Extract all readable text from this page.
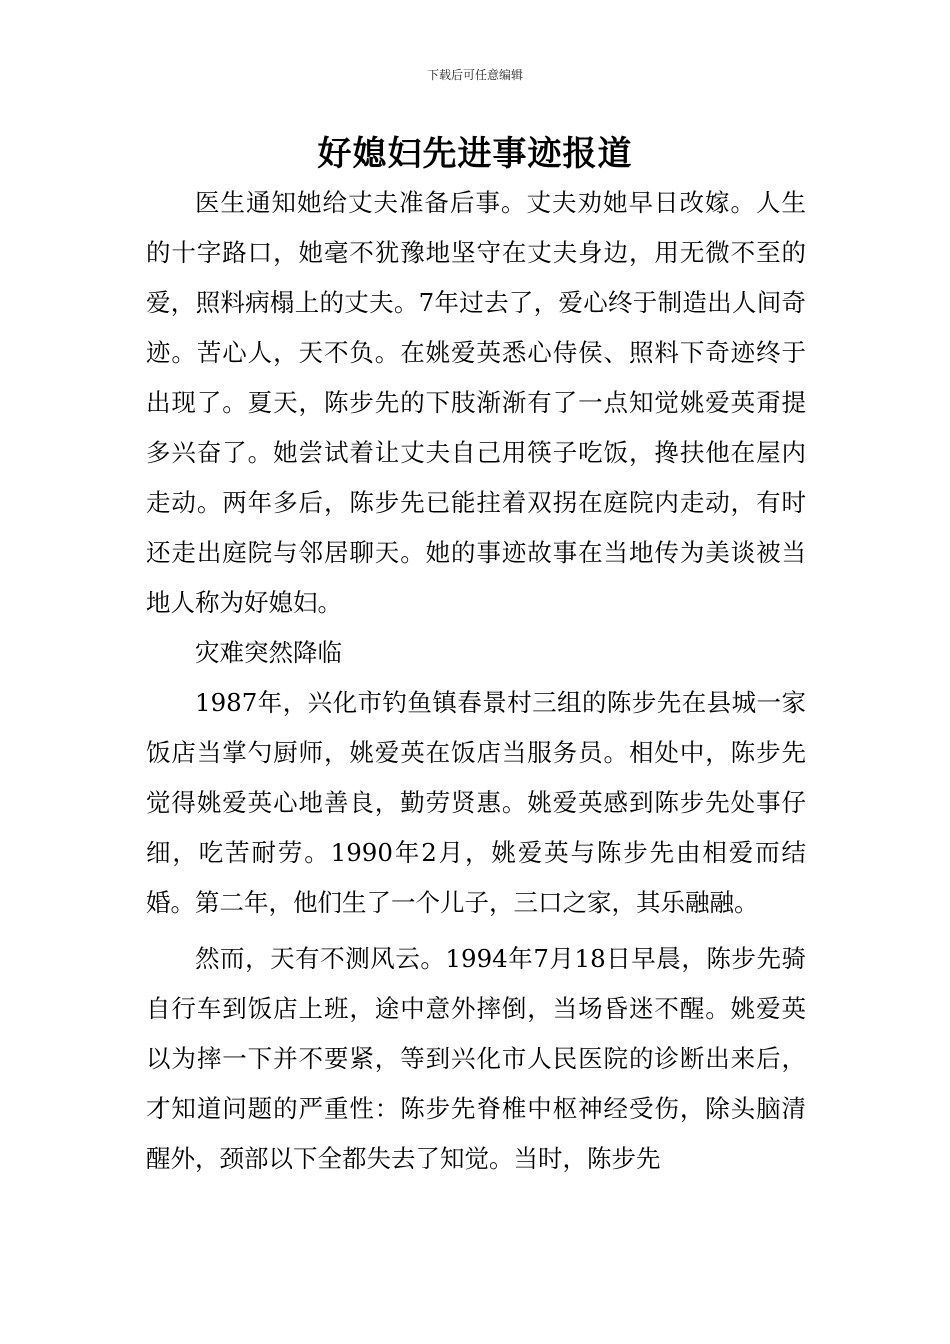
下载后可任意编辑
好媳妇先进事迹报道

医生通知她给丈夫准备后事。丈夫劝她早日改嫁。人生的十字路口，她毫不犹豫地坚守在丈夫身边，用无微不至的爱，照料病榻上的丈夫。7年过去了，爱心终于制造出人间奇迹。苦心人，天不负。在姚爱英悉心侍侯、照料下奇迹终于出现了。夏天，陈步先的下肢渐渐有了一点知觉姚爱英甭提多兴奋了。她尝试着让丈夫自己用筷子吃饭，搀扶他在屋内走动。两年多后，陈步先已能拄着双拐在庭院内走动，有时还走出庭院与邻居聊天。她的事迹故事在当地传为美谈被当地人称为好媳妇。

灾难突然降临

1987年，兴化市钓鱼镇春景村三组的陈步先在县城一家饭店当掌勺厨师，姚爱英在饭店当服务员。相处中，陈步先觉得姚爱英心地善良，勤劳贤惠。姚爱英感到陈步先处事仔细，吃苦耐劳。1990年2月，姚爱英与陈步先由相爱而结婚。第二年，他们生了一个儿子，三口之家，其乐融融。

然而，天有不测风云。1994年7月18日早晨，陈步先骑自行车到饭店上班，途中意外摔倒，当场昏迷不醒。姚爱英以为摔一下并不要紧，等到兴化市人民医院的诊断出来后，才知道问题的严重性：陈步先脊椎中枢神经受伤，除头脑清醒外，颈部以下全都失去了知觉。当时，陈步先
